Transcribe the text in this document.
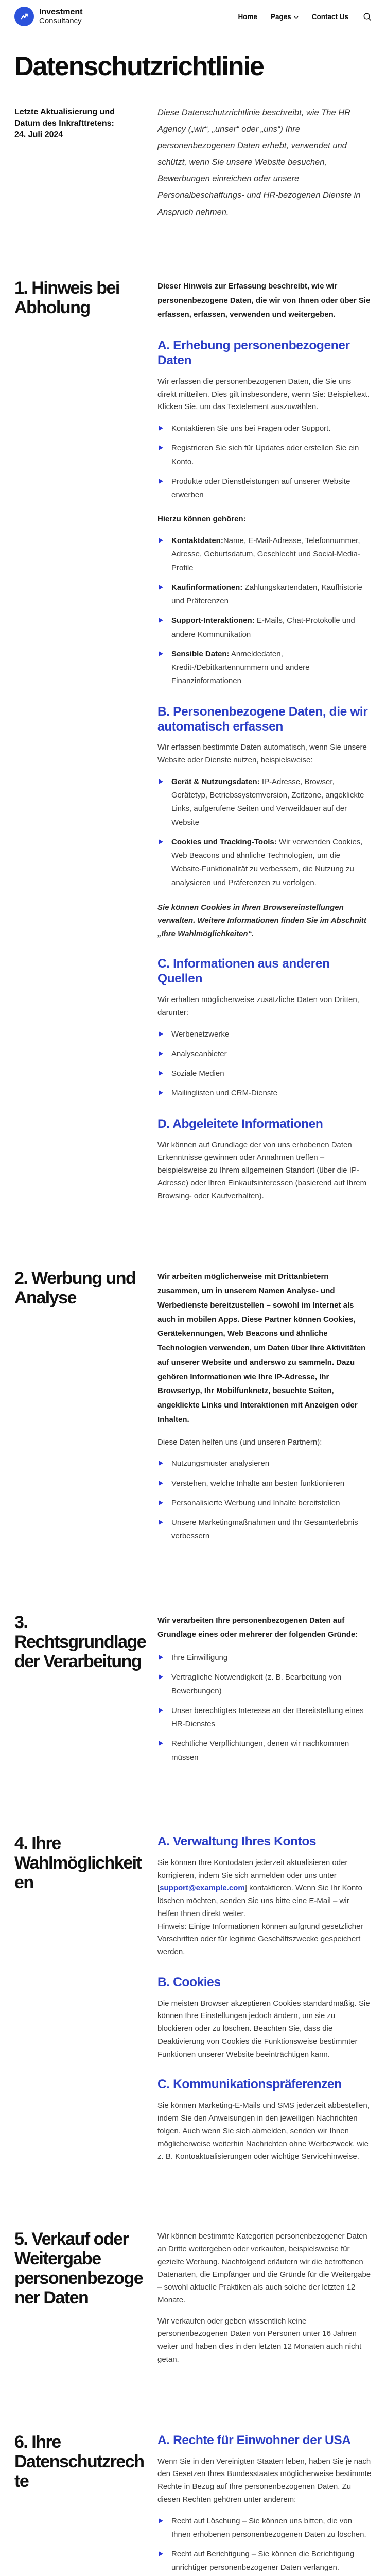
Investment
Consultancy	Home Pages	Contact Us
Datenschutzrichtlinie
Letzte Aktualisierung und Datum des Inkrafttretens:
24. Juli 2024

Diese Datenschutzrichtlinie beschreibt, wie The HR Agency („wir“, „unser“ oder „uns“) Ihre personenbezogenen Daten erhebt, verwendet und schützt, wenn Sie unsere Website besuchen, Bewerbungen einreichen oder unsere Personalbeschaffungs- und HR-bezogenen Dienste in Anspruch nehmen.

1. Hinweis bei Abholung

Dieser Hinweis zur Erfassung beschreibt, wie wir personenbezogene Daten, die wir von Ihnen oder über Sie erfassen, erfassen, verwenden und weitergeben.

A. Erhebung personenbezogener Daten

Wir erfassen die personenbezogenen Daten, die Sie uns direkt mitteilen. Dies gilt insbesondere, wenn Sie: Beispieltext. Klicken Sie, um das Textelement auszuwählen.

Kontaktieren Sie uns bei Fragen oder Support.
Registrieren Sie sich für Updates oder erstellen Sie ein Konto.
Produkte oder Dienstleistungen auf unserer Website erwerben

Hierzu können gehören:

Kontaktdaten:Name, E-Mail-Adresse, Telefonnummer, Adresse, Geburtsdatum, Geschlecht und Social-Media-Profile
Kaufinformationen: Zahlungskartendaten, Kaufhistorie und Präferenzen
Support-Interaktionen: E-Mails, Chat-Protokolle und andere Kommunikation
Sensible Daten: Anmeldedaten, Kredit-/Debitkartennummern und andere Finanzinformationen
B. Personenbezogene Daten, die wir automatisch erfassen

Wir erfassen bestimmte Daten automatisch, wenn Sie unsere Website oder Dienste nutzen, beispielsweise:

Gerät & Nutzungsdaten: IP-Adresse, Browser, Gerätetyp, Betriebssystemversion, Zeitzone, angeklickte Links, aufgerufene Seiten und Verweildauer auf der Website
Cookies und Tracking-Tools: Wir verwenden Cookies, Web Beacons und ähnliche Technologien, um die Website-Funktionalität zu verbessern, die Nutzung zu analysieren und Präferenzen zu verfolgen.

Sie können Cookies in Ihren Browsereinstellungen verwalten. Weitere Informationen finden Sie im Abschnitt „Ihre Wahlmöglichkeiten“.

C. Informationen aus anderen Quellen

Wir erhalten möglicherweise zusätzliche Daten von Dritten, darunter:

Werbenetzwerke
Analyseanbieter
Soziale Medien
Mailinglisten und CRM-Dienste
D. Abgeleitete Informationen

Wir können auf Grundlage der von uns erhobenen Daten Erkenntnisse gewinnen oder Annahmen treffen – beispielsweise zu Ihrem allgemeinen Standort (über die IP-Adresse) oder Ihren Einkaufsinteressen (basierend auf Ihrem Browsing- oder Kaufverhalten).

2. Werbung und Analyse

Wir arbeiten möglicherweise mit Drittanbietern zusammen, um in unserem Namen Analyse- und Werbedienste bereitzustellen – sowohl im Internet als auch in mobilen Apps. Diese Partner können Cookies, Gerätekennungen, Web Beacons und ähnliche Technologien verwenden, um Daten über Ihre Aktivitäten auf unserer Website und anderswo zu sammeln. Dazu gehören Informationen wie Ihre IP-Adresse, Ihr Browsertyp, Ihr Mobilfunknetz, besuchte Seiten, angeklickte Links und Interaktionen mit Anzeigen oder Inhalten.

Diese Daten helfen uns (und unseren Partnern):

Nutzungsmuster analysieren
Verstehen, welche Inhalte am besten funktionieren
Personalisierte Werbung und Inhalte bereitstellen
Unsere Marketingmaßnahmen und Ihr Gesamterlebnis verbessern
3. Rechtsgrundlage der Verarbeitung

Wir verarbeiten Ihre personenbezogenen Daten auf Grundlage eines oder mehrerer der folgenden Gründe:

Ihre Einwilligung
Vertragliche Notwendigkeit (z. B. Bearbeitung von Bewerbungen)
Unser berechtigtes Interesse an der Bereitstellung eines HR-Dienstes
Rechtliche Verpflichtungen, denen wir nachkommen müssen
4. Ihre Wahlmöglichkeiten
A. Verwaltung Ihres Kontos

Sie können Ihre Kontodaten jederzeit aktualisieren oder korrigieren, indem Sie sich anmelden oder uns unter [support@example.com] kontaktieren. Wenn Sie Ihr Konto löschen möchten, senden Sie uns bitte eine E-Mail – wir helfen Ihnen direkt weiter.
Hinweis: Einige Informationen können aufgrund gesetzlicher Vorschriften oder für legitime Geschäftszwecke gespeichert werden.

B. Cookies

Die meisten Browser akzeptieren Cookies standardmäßig. Sie können Ihre Einstellungen jedoch ändern, um sie zu blockieren oder zu löschen. Beachten Sie, dass die Deaktivierung von Cookies die Funktionsweise bestimmter Funktionen unserer Website beeinträchtigen kann.

C. Kommunikationspräferenzen

Sie können Marketing-E-Mails und SMS jederzeit abbestellen, indem Sie den Anweisungen in den jeweiligen Nachrichten folgen. Auch wenn Sie sich abmelden, senden wir Ihnen möglicherweise weiterhin Nachrichten ohne Werbezweck, wie z. B. Kontoaktualisierungen oder wichtige Servicehinweise.

5. Verkauf oder Weitergabe personenbezogener Daten

Wir können bestimmte Kategorien personenbezogener Daten an Dritte weitergeben oder verkaufen, beispielsweise für gezielte Werbung. Nachfolgend erläutern wir die betroffenen Datenarten, die Empfänger und die Gründe für die Weitergabe – sowohl aktuelle Praktiken als auch solche der letzten 12 Monate.

Wir verkaufen oder geben wissentlich keine personenbezogenen Daten von Personen unter 16 Jahren weiter und haben dies in den letzten 12 Monaten auch nicht getan.

6. Ihre Datenschutzrechte
A. Rechte für Einwohner der USA

Wenn Sie in den Vereinigten Staaten leben, haben Sie je nach den Gesetzen Ihres Bundesstaates möglicherweise bestimmte Rechte in Bezug auf Ihre personenbezogenen Daten. Zu diesen Rechten gehören unter anderem:

Recht auf Löschung – Sie können uns bitten, die von Ihnen erhobenen personenbezogenen Daten zu löschen.
Recht auf Berichtigung – Sie können die Berichtigung unrichtiger personenbezogener Daten verlangen.
